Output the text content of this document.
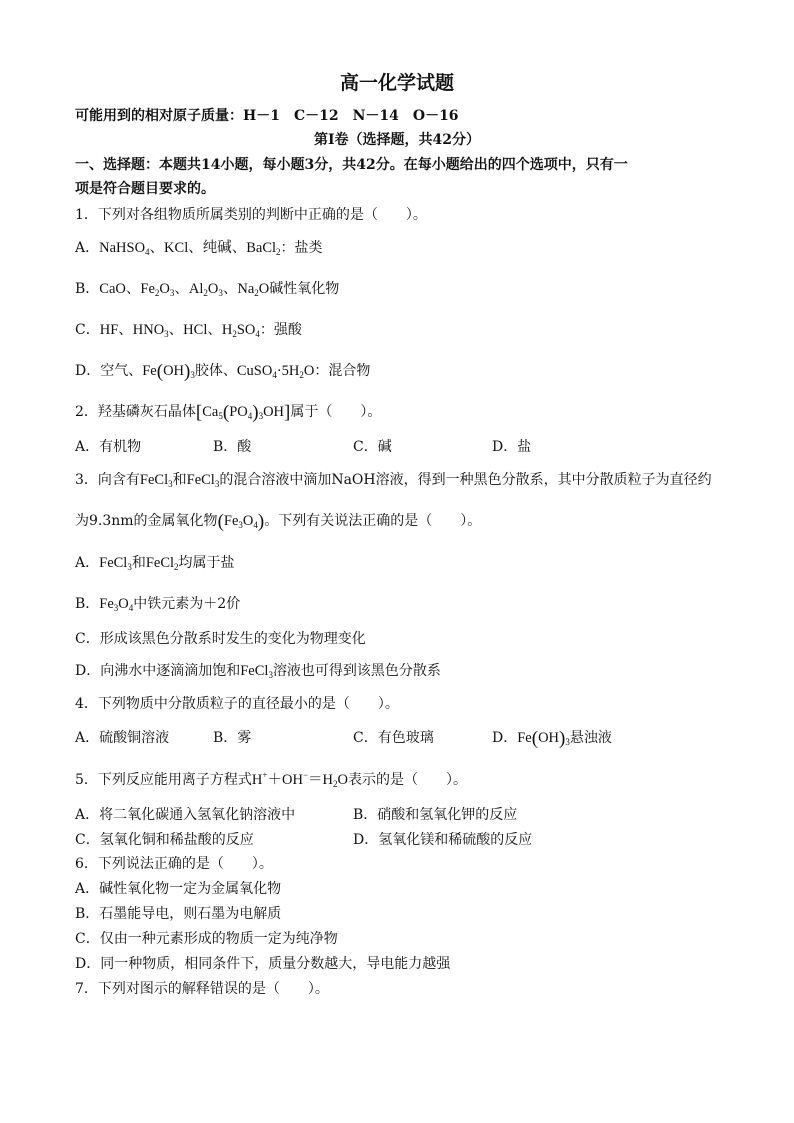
高一化学试题
可能用到的相对原子质量：H－1　C－12　N－14　O－16
第Ⅰ卷（选择题，共42分）
一、选择题：本题共14小题，每小题3分，共42分。在每小题给出的四个选项中，只有一
项是符合题目要求的。
1．下列对各组物质所属类别的判断中正确的是（　　）。
A．NaHSO$_4$、KCl、纯碱、BaCl$_2$：盐类
B．CaO、$Fe_2O_3$、$Al_2O_3$、$Na_2O$碱性氧化物
C．HF、$HNO_3$、HCl、$H_2SO_4$：强酸
D．空气、$Fe(OH)_3$胶体、$CuSO_4\cdot 5H_2O$：混合物
2．羟基磷灰石晶体$[Ca_5(PO_4)_3OH]$属于（　　）。
A．有机物	B．酸	C．碱	D．盐
3．向含有FeCl$_3$和FeCl$_3$的混合溶液中滴加NaOH溶液，得到一种黑色分散系，其中分散质粒子为直径约
为9.3nm的金属氧化物$(Fe_3O_4)$。下列有关说法正确的是（　　）。
A．FeCl$_3$和FeCl$_2$均属于盐
B．$Fe_3O_4$中铁元素为＋2价
C．形成该黑色分散系时发生的变化为物理变化
D．向沸水中逐滴滴加饱和FeCl$_3$溶液也可得到该黑色分散系
4．下列物质中分散质粒子的直径最小的是（　　）。
A．硫酸铜溶液	B．雾	C．有色玻璃	D．$Fe(OH)_3$悬浊液
5．下列反应能用离子方程式$H^++OH^-=H_2O$表示的是（　　）。
A．将二氧化碳通入氢氧化钠溶液中	B．硝酸和氢氧化钾的反应
C．氢氧化铜和稀盐酸的反应	D．氢氧化镁和稀硫酸的反应
6．下列说法正确的是（　　）。
A．碱性氧化物一定为金属氧化物
B．石墨能导电，则石墨为电解质
C．仅由一种元素形成的物质一定为纯净物
D．同一种物质，相同条件下，质量分数越大，导电能力越强
7．下列对图示的解释错误的是（　　）。
